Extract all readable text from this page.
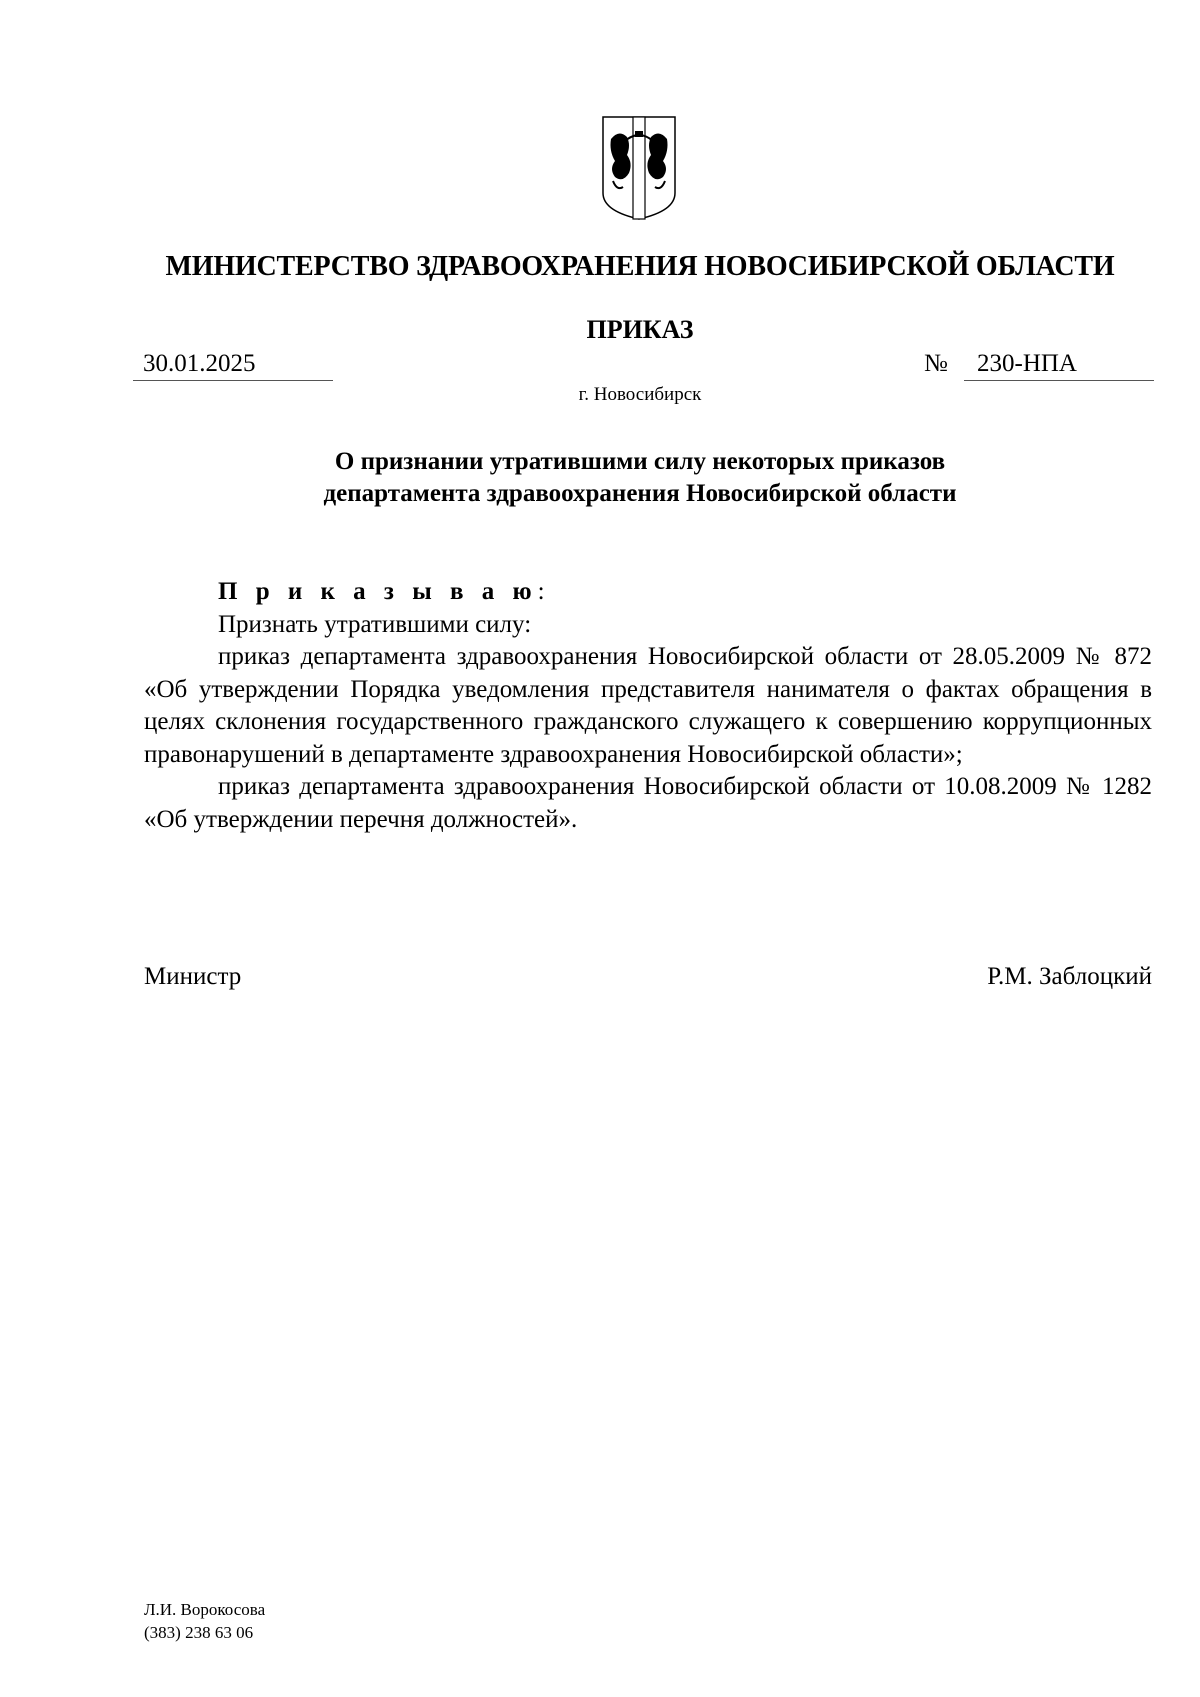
МИНИСТЕРСТВО ЗДРАВООХРАНЕНИЯ НОВОСИБИРСКОЙ ОБЛАСТИ
ПРИКАЗ
30.01.2025	№ 230-НПА
г. Новосибирск
О признании утратившими силу некоторых приказов
департамента здравоохранения Новосибирской области

П р и к а з ы в а ю:

Признать утратившими силу:

приказ департамента здравоохранения Новосибирской области от 28.05.2009 № 872 «Об утверждении Порядка уведомления представителя нанимателя о фактах обращения в целях склонения государственного гражданского служащего к совершению коррупционных правонарушений в департаменте здравоохранения Новосибирской области»;

приказ департамента здравоохранения Новосибирской области от 10.08.2009 № 1282 «Об утверждении перечня должностей».

Министр	Р.М. Заблоцкий
Л.И. Ворокосова
(383) 238 63 06
